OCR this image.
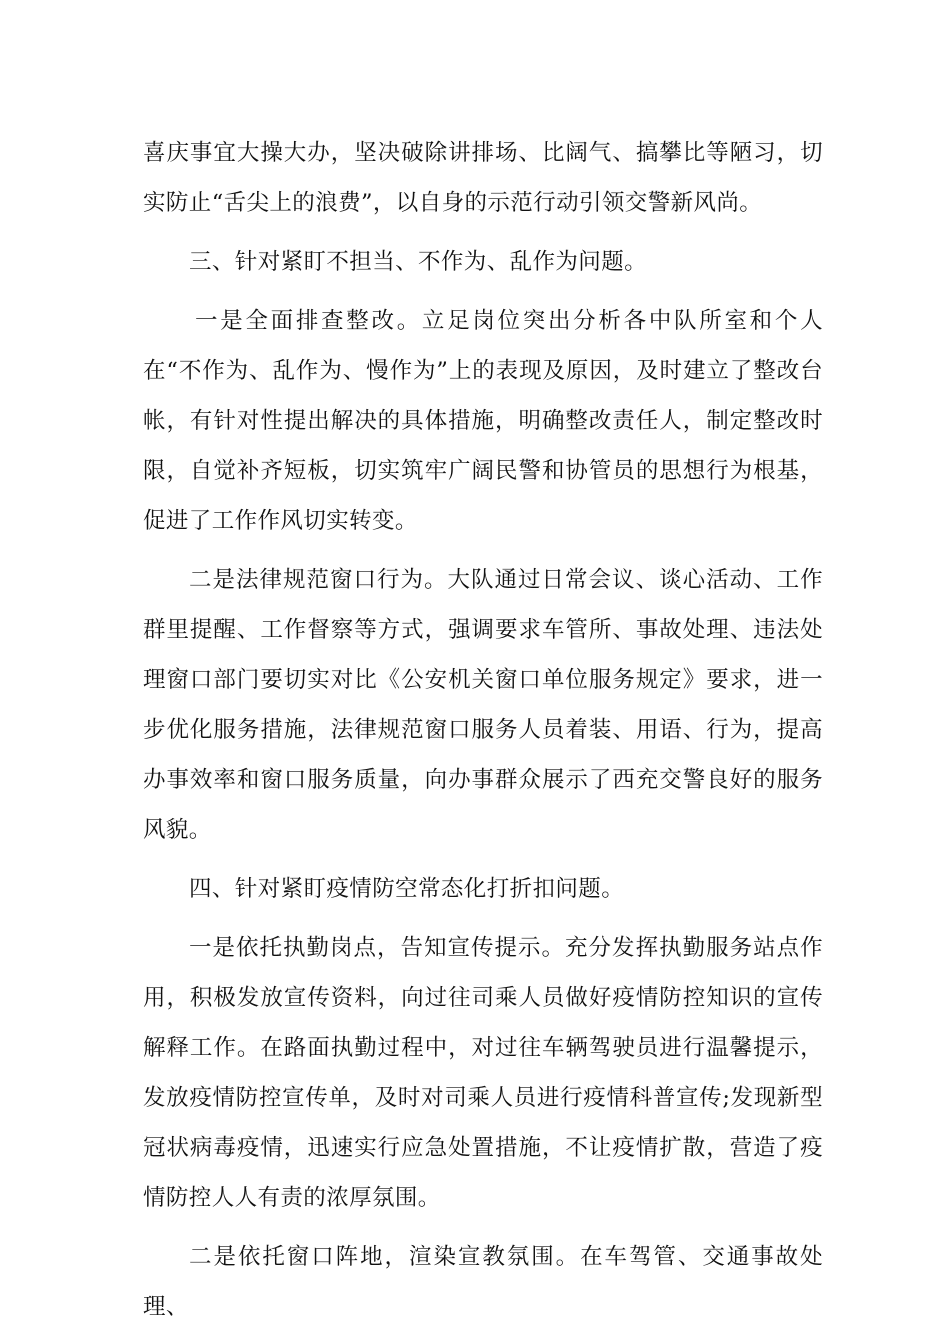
喜庆事宜大操大办，坚决破除讲排场、比阔气、搞攀比等陋习，切实防止“舌尖上的浪费”，以自身的示范行动引领交警新风尚。

三、针对紧盯不担当、不作为、乱作为问题。

一是全面排查整改。立足岗位突出分析各中队所室和个人在“不作为、乱作为、慢作为”上的表现及原因，及时建立了整改台帐，有针对性提出解决的具体措施，明确整改责任人，制定整改时限，自觉补齐短板，切实筑牢广阔民警和协管员的思想行为根基，促进了工作作风切实转变。

二是法律规范窗口行为。大队通过日常会议、谈心活动、工作群里提醒、工作督察等方式，强调要求车管所、事故处理、违法处理窗口部门要切实对比《公安机关窗口单位服务规定》要求，进一步优化服务措施，法律规范窗口服务人员着装、用语、行为，提高办事效率和窗口服务质量，向办事群众展示了西充交警良好的服务风貌。

四、针对紧盯疫情防空常态化打折扣问题。

一是依托执勤岗点，告知宣传提示。充分发挥执勤服务站点作用，积极发放宣传资料，向过往司乘人员做好疫情防控知识的宣传解释工作。在路面执勤过程中，对过往车辆驾驶员进行温馨提示，发放疫情防控宣传单，及时对司乘人员进行疫情科普宣传;发现新型冠状病毒疫情，迅速实行应急处置措施，不让疫情扩散，营造了疫情防控人人有责的浓厚氛围。

二是依托窗口阵地，渲染宣教氛围。在车驾管、交通事故处理、
